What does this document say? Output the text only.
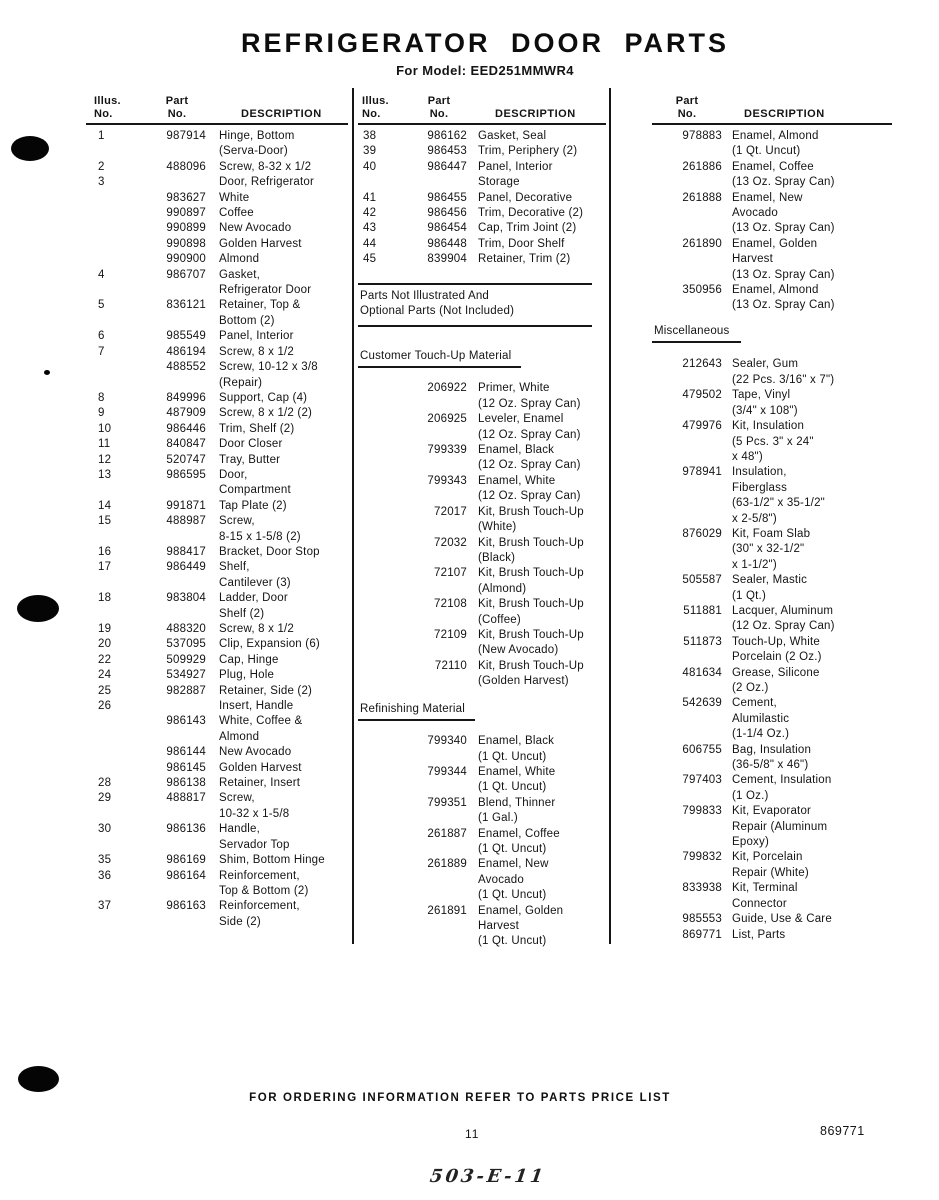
REFRIGERATOR DOOR PARTS
For Model: EED251MMWR4
Illus.
No.
Part
No.	DESCRIPTION
1	987914 Hinge, Bottom
(Serva-Door)
2	488096 Screw, 8-32 x 1/2
3	Door, Refrigerator
983627 White
990897 Coffee
990899 New Avocado
990898 Golden Harvest
990900 Almond
4	986707 Gasket,
Refrigerator Door
5	836121 Retainer, Top &
Bottom (2)
6	985549 Panel, Interior
7	486194 Screw, 8 x 1/2
488552 Screw, 10-12 x 3/8
(Repair)
8	849996 Support, Cap (4)
9	487909 Screw, 8 x 1/2 (2)
10	986446 Trim, Shelf (2)
11	840847 Door Closer
12	520747 Tray, Butter
13	986595 Door,
Compartment
14	991871 Tap Plate (2)
15	488987 Screw,
8-15 x 1-5/8 (2)
16	988417 Bracket, Door Stop
17	986449 Shelf,
Cantilever (3)
18	983804 Ladder, Door
Shelf (2)
19	488320 Screw, 8 x 1/2
20	537095 Clip, Expansion (6)
22	509929 Cap, Hinge
24	534927 Plug, Hole
25	982887 Retainer, Side (2)
26	Insert, Handle
986143 White, Coffee &
Almond
986144 New Avocado
986145 Golden Harvest
28	986138 Retainer, Insert
29	488817 Screw,
10-32 x 1-5/8
30	986136 Handle,
Servador Top
35	986169 Shim, Bottom Hinge
36	986164 Reinforcement,
Top & Bottom (2)
37	986163 Reinforcement,
Side (2)
Illus.
No.
Part
No.	DESCRIPTION
38	986162 Gasket, Seal
39	986453 Trim, Periphery (2)
40	986447 Panel, Interior
Storage
41	986455 Panel, Decorative
42	986456 Trim, Decorative (2)
43	986454 Cap, Trim Joint (2)
44	986448 Trim, Door Shelf
45	839904 Retainer, Trim (2)
Parts Not Illustrated And
Optional Parts (Not Included)
Customer Touch-Up Material
206922 Primer, White
(12 Oz. Spray Can)
206925 Leveler, Enamel
(12 Oz. Spray Can)
799339 Enamel, Black
(12 Oz. Spray Can)
799343 Enamel, White
(12 Oz. Spray Can)
72017 Kit, Brush Touch-Up
(White)
72032 Kit, Brush Touch-Up
(Black)
72107 Kit, Brush Touch-Up
(Almond)
72108 Kit, Brush Touch-Up
(Coffee)
72109 Kit, Brush Touch-Up
(New Avocado)
72110 Kit, Brush Touch-Up
(Golden Harvest)
Refinishing Material
799340 Enamel, Black
(1 Qt. Uncut)
799344 Enamel, White
(1 Qt. Uncut)
799351 Blend, Thinner
(1 Gal.)
261887 Enamel, Coffee
(1 Qt. Uncut)
261889 Enamel, New
Avocado
(1 Qt. Uncut)
261891 Enamel, Golden
Harvest
(1 Qt. Uncut)
Part
No.	DESCRIPTION
978883 Enamel, Almond
(1 Qt. Uncut)
261886 Enamel, Coffee
(13 Oz. Spray Can)
261888 Enamel, New
Avocado
(13 Oz. Spray Can)
261890 Enamel, Golden
Harvest
(13 Oz. Spray Can)
350956 Enamel, Almond
(13 Oz. Spray Can)
Miscellaneous
212643 Sealer, Gum
(22 Pcs. 3/16" x 7")
479502 Tape, Vinyl
(3/4" x 108")
479976 Kit, Insulation
(5 Pcs. 3" x 24"
x 48")
978941 Insulation,
Fiberglass
(63-1/2" x 35-1/2"
x 2-5/8")
876029 Kit, Foam Slab
(30" x 32-1/2"
x 1-1/2")
505587 Sealer, Mastic
(1 Qt.)
511881 Lacquer, Aluminum
(12 Oz. Spray Can)
511873 Touch-Up, White
Porcelain (2 Oz.)
481634 Grease, Silicone
(2 Oz.)
542639 Cement,
Alumilastic
(1-1/4 Oz.)
606755 Bag, Insulation
(36-5/8" x 46")
797403 Cement, Insulation
(1 Oz.)
799833 Kit, Evaporator
Repair (Aluminum
Epoxy)
799832 Kit, Porcelain
Repair (White)
833938 Kit, Terminal
Connector
985553 Guide, Use & Care
869771 List, Parts
FOR ORDERING INFORMATION REFER TO PARTS PRICE LIST
11	869771
503-E-11
